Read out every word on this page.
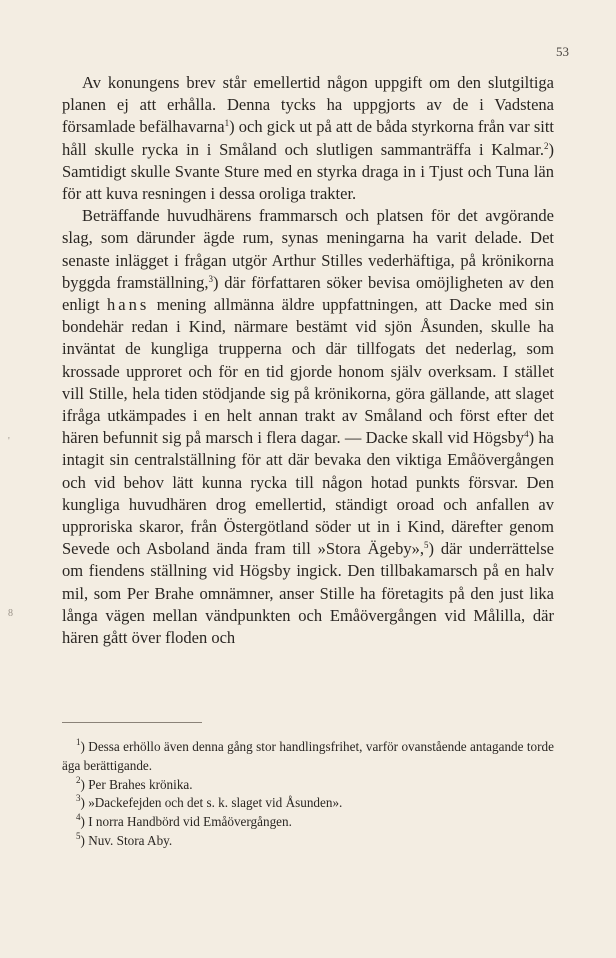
53

Av konungens brev står emellertid någon uppgift om den slutgiltiga planen ej att erhålla. Denna tycks ha uppgjorts av de i Vadstena församlade befälhavarna$^1$) och gick ut på att de båda styrkorna från var sitt håll skulle rycka in i Småland och slutligen sammanträffa i Kalmar.$^2$) Samtidigt skulle Svante Sture med en styrka draga in i Tjust och Tuna län för att kuva resningen i dessa oroliga trakter.

Beträffande huvudhärens frammarsch och platsen för det avgörande slag, som därunder ägde rum, synas meningarna ha varit delade. Det senaste inlägget i frågan utgör Arthur Stilles vederhäftiga, på krönikorna byggda framställning,$^3$) där författaren söker bevisa omöjligheten av den enligt hans mening allmänna äldre uppfattningen, att Dacke med sin bondehär redan i Kind, närmare bestämt vid sjön Åsunden, skulle ha inväntat de kungliga trupperna och där tillfogats det nederlag, som krossade upproret och för en tid gjorde honom själv overksam. I stället vill Stille, hela tiden stödjande sig på krönikorna, göra gällande, att slaget ifråga utkämpades i en helt annan trakt av Småland och först efter det hären befunnit sig på marsch i flera dagar. — Dacke skall vid Högsby$^4$) ha intagit sin centralställning för att där bevaka den viktiga Emåövergången och vid behov lätt kunna rycka till någon hotad punkts försvar. Den kungliga huvudhären drog emellertid, ständigt oroad och anfallen av upproriska skaror, från Östergötland söder ut in i Kind, därefter genom Sevede och Asboland ända fram till »Stora Ägeby»,$^5$) där underrättelse om fiendens ställning vid Högsby ingick. Den tillbakamarsch på en halv mil, som Per Brahe omnämner, anser Stille ha företagits på den just lika långa vägen mellan vändpunkten och Emåövergången vid Målilla, där hären gått över floden och

$^1$) Dessa erhöllo även denna gång stor handlingsfrihet, varför ovanstående antagande torde äga berättigande.

$^2$) Per Brahes krönika.

$^3$) »Dackefejden och det s. k. slaget vid Åsunden».

$^4$) I norra Handbörd vid Emåövergången.

$^5$) Nuv. Stora Aby.

'
8
